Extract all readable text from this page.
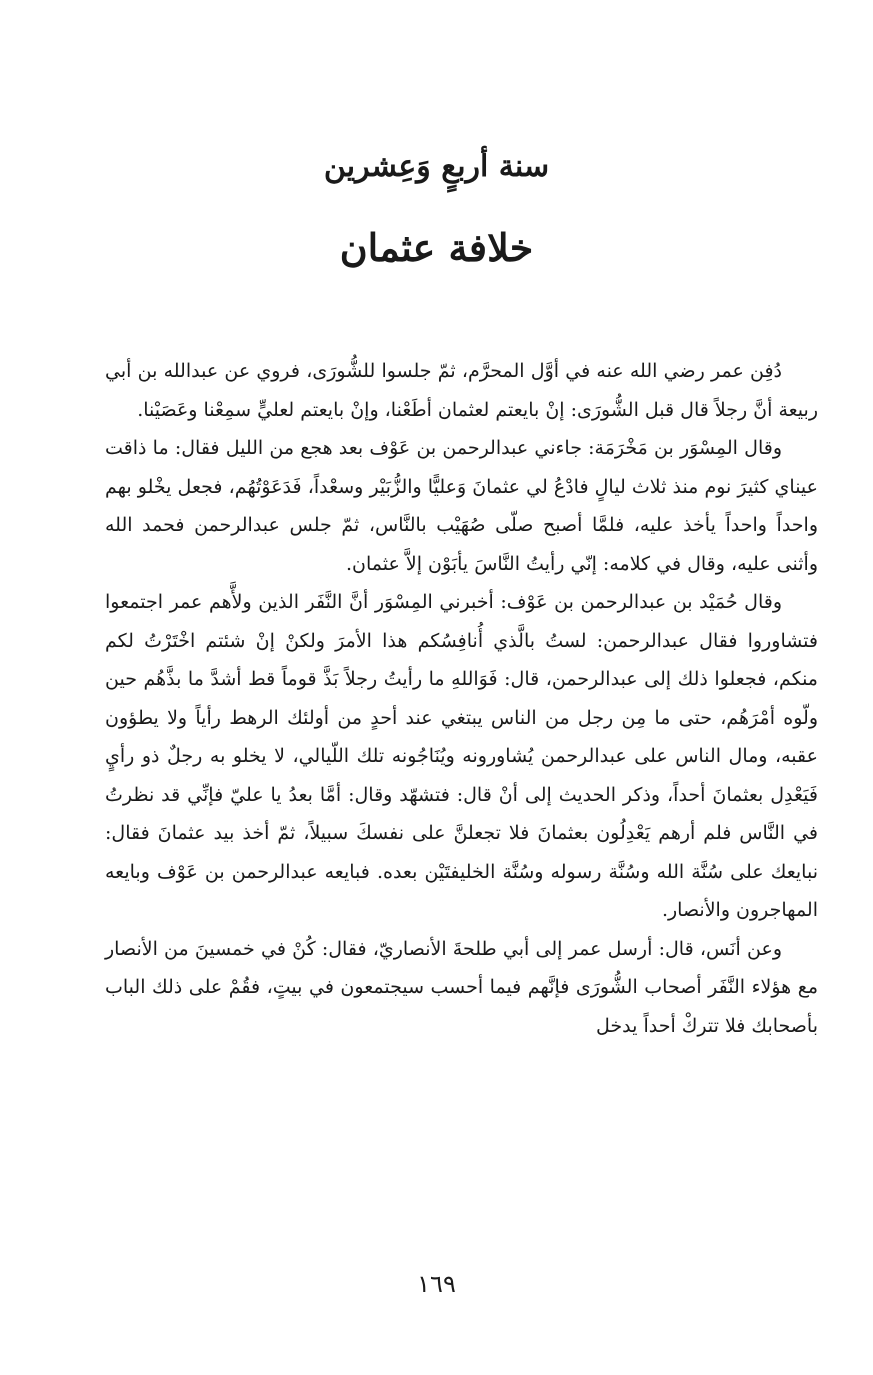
سنة أربعٍ وَعِشرين
خلافة عثمان

دُفِن عمر رضي الله عنه في أوَّل المحرَّم، ثمّ جلسوا للشُّورَى، فروي عن عبدالله بن أبي ربيعة أنَّ رجلاً قال قبل الشُّورَى: إنْ بايعتم لعثمان أطَعْنا، وإنْ بايعتم لعليٍّ سمِعْنا وعَصَيْنا.

وقال المِسْوَر بن مَخْرَمَة: جاءني عبدالرحمن بن عَوْف بعد هجع من الليل فقال: ما ذاقت عيناي كثيرَ نوم منذ ثلاث ليالٍ فادْعُ لي عثمانَ وَعليًّا والزُّبَيْر وسعْداً، فَدَعَوْتُهُم، فجعل يخْلو بهم واحداً واحداً يأخذ عليه، فلمَّا أصبح صلّى صُهَيْب بالنَّاس، ثمّ جلس عبدالرحمن فحمد الله وأثنى عليه، وقال في كلامه: إنّي رأيتُ النَّاسَ يأبَوْن إلاَّ عثمان.

وقال حُمَيْد بن عبدالرحمن بن عَوْف: أخبرني المِسْوَر أنَّ النَّفَر الذين ولأَّهم عمر اجتمعوا فتشاوروا فقال عبدالرحمن: لستُ بالَّذي أُنافِسُكم هذا الأمرَ ولكنْ إنْ شئتم اخْتَرْتُ لكم منكم، فجعلوا ذلك إلى عبدالرحمن، قال: فَوَاللهِ ما رأيتُ رجلاً بَذَّ قوماً قط أشدَّ ما بذَّهُم حين ولّوه أمْرَهُم، حتى ما مِن رجل من الناس يبتغي عند أحدٍ من أولئك الرهط رأياً ولا يطؤون عقبه، ومال الناس على عبدالرحمن يُشاورونه ويُنَاجُونه تلك اللّيالي، لا يخلو به رجلٌ ذو رأيٍ فَيَعْدِل بعثمانَ أحداً، وذكر الحديث إلى أنْ قال: فتشهّد وقال: أمَّا بعدُ يا عليّ فإنِّي قد نظرتُ في النَّاس فلم أرهم يَعْدِلُون بعثمانَ فلا تجعلنَّ على نفسكَ سبيلاً، ثمّ أخذ بيد عثمانَ فقال: نبايعك على سُنَّة الله وسُنَّة رسوله وسُنَّة الخليفتَيْن بعده. فبايعه عبدالرحمن بن عَوْف وبايعه المهاجرون والأنصار.

وعن أنَس، قال: أرسل عمر إلى أبي طلحةَ الأنصاريّ، فقال: كُنْ في خمسينَ من الأنصار مع هؤلاء النَّفَر أصحاب الشُّورَى فإنَّهم فيما أحسب سيجتمعون في بيتٍ، فقُمْ على ذلك الباب بأصحابك فلا تتركْ أحداً يدخل

١٦٩
